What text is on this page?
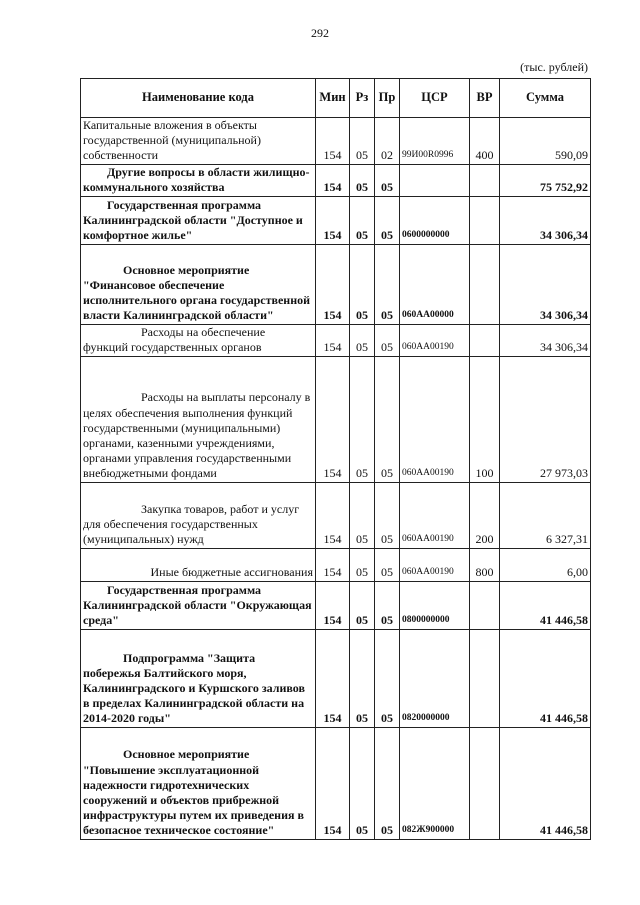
292
(тыс. рублей)
Наименование кода	Мин	Рз	Пр	ЦСР	ВР	Сумма
Капитальные вложения в объекты государственной (муниципальной) собственности	154	05	02	99И00R0996	400	590,09
Другие вопросы в области жилищно-коммунального хозяйства	154	05	05			75 752,92
Государственная программа Калининградской области "Доступное и комфортное жилье"	154	05	05	0600000000		34 306,34
Основное мероприятие "Финансовое обеспечение исполнительного органа государственной власти Калининградской области"	154	05	05	060АА00000		34 306,34
Расходы на обеспечение функций государственных органов	154	05	05	060АА00190		34 306,34
Расходы на выплаты персоналу в целях обеспечения выполнения функций государственными (муниципальными) органами, казенными учреждениями, органами управления государственными внебюджетными фондами	154	05	05	060АА00190	100	27 973,03
Закупка товаров, работ и услуг для обеспечения государственных (муниципальных) нужд	154	05	05	060АА00190	200	6 327,31
Иные бюджетные ассигнования	154	05	05	060АА00190	800	6,00
Государственная программа Калининградской области "Окружающая среда"	154	05	05	0800000000		41 446,58
Подпрограмма "Защита побережья Балтийского моря, Калининградского и Куршского заливов в пределах Калининградской области на 2014-2020 годы"	154	05	05	0820000000		41 446,58
Основное мероприятие "Повышение эксплуатационной надежности гидротехнических сооружений и объектов прибрежной инфраструктуры путем их приведения в безопасное техническое состояние"	154	05	05	082Ж900000		41 446,58
